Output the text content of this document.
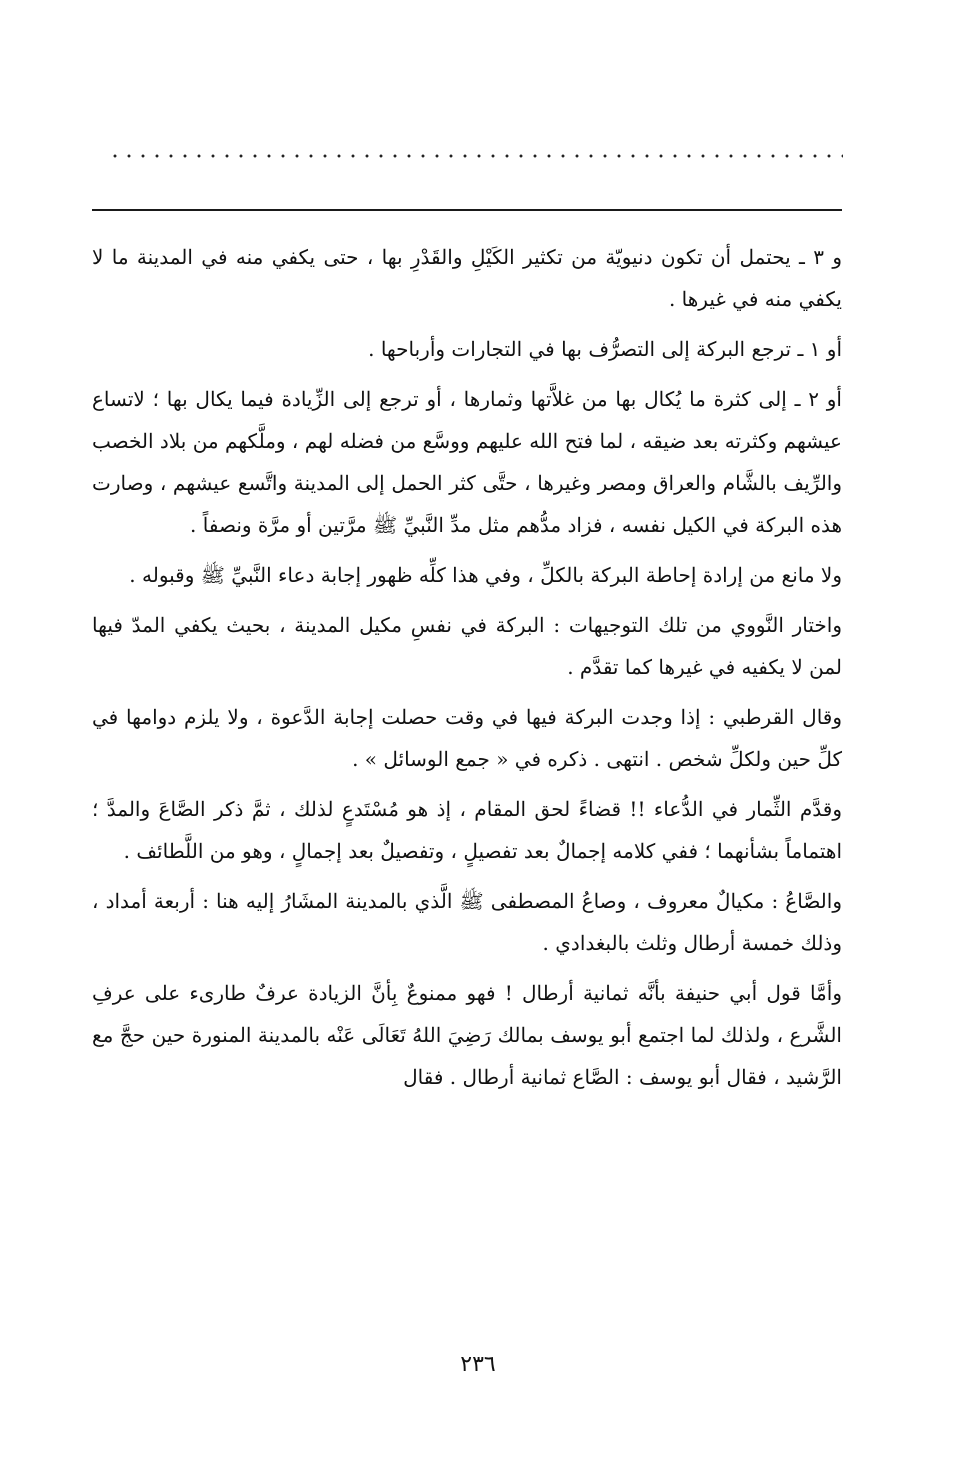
و ٣ ـ يحتمل أن تكون دنيويّة من تكثير الكَيْلِ والقَدْرِ بها ، حتى يكفي منه في المدينة ما لا يكفي منه في غيرها .

أو ١ ـ ترجع البركة إلى التصرُّف بها في التجارات وأرباحها .

أو ٢ ـ إلى كثرة ما يُكال بها من غلاَّتها وثمارها ، أو ترجع إلى الزِّيادة فيما يكال بها ؛ لاتساع عيشهم وكثرته بعد ضيقه ، لما فتح الله عليهم ووسَّع من فضله لهم ، وملَّكهم من بلاد الخصب والرِّيف بالشَّام والعراق ومصر وغيرها ، حتَّى كثر الحمل إلى المدينة واتَّسع عيشهم ، وصارت هذه البركة في الكيل نفسه ، فزاد مدُّهم مثل مدِّ النَّبيِّ ﷺ مرَّتين أو مرَّة ونصفاً .

ولا مانع من إرادة إحاطة البركة بالكلِّ ، وفي هذا كلِّه ظهور إجابة دعاء النَّبيِّ ﷺ وقبوله .

واختار النَّووي من تلك التوجيهات : البركة في نفسِ مكيل المدينة ، بحيث يكفي المدّ فيها لمن لا يكفيه في غيرها كما تقدَّم .

وقال القرطبي : إذا وجدت البركة فيها في وقت حصلت إجابة الدَّعوة ، ولا يلزم دوامها في كلِّ حين ولكلِّ شخص . انتهى . ذكره في « جمع الوسائل » .

وقدَّم الثِّمار في الدُّعاء !! قضاءً لحق المقام ، إذ هو مُسْتَدعٍ لذلك ، ثمَّ ذكر الصَّاعَ والمدَّ ؛ اهتماماً بشأنهما ؛ ففي كلامه إجمالٌ بعد تفصيلٍ ، وتفصيلٌ بعد إجمالٍ ، وهو من اللَّطائف .

والصَّاعُ : مكيالٌ معروف ، وصاعُ المصطفى ﷺ الَّذي بالمدينة المشَارُ إليه هنا : أربعة أمداد ، وذلك خمسة أرطال وثلث بالبغدادي .

وأمَّا قول أبي حنيفة بأنَّه ثمانية أرطال ! فهو ممنوعٌ بِأنَّ الزيادة عرفٌ طارىء على عرفِ الشَّرع ، ولذلك لما اجتمع أبو يوسف بمالك رَضِيَ اللهُ تَعَالَى عَنْه بالمدينة المنورة حين حجَّ مع الرَّشيد ، فقال أبو يوسف : الصَّاع ثمانية أرطال . فقال

٢٣٦
